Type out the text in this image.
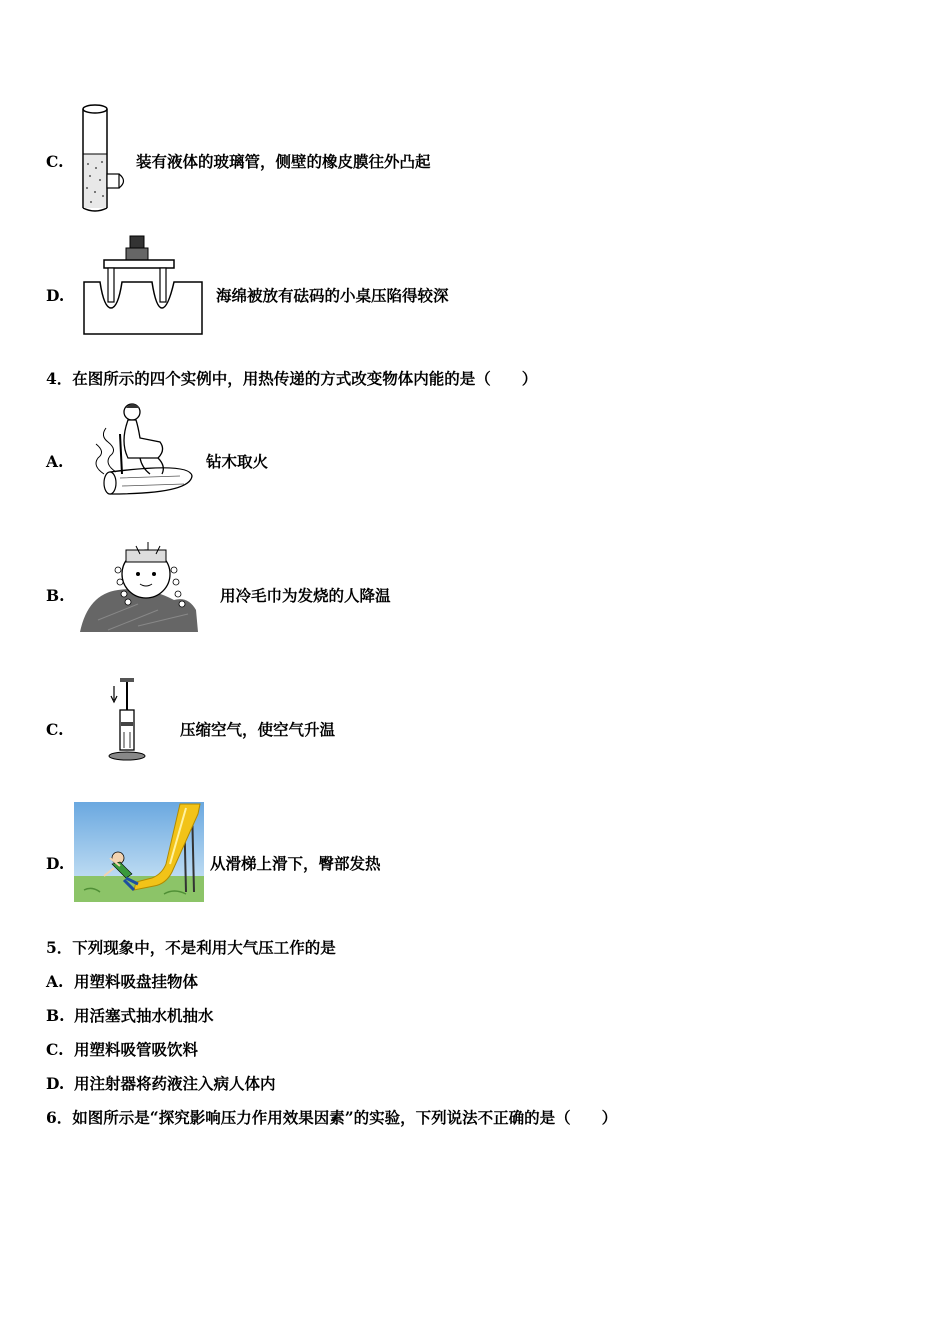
C.	装有液体的玻璃管，侧壁的橡皮膜往外凸起
D.	海绵被放有砝码的小桌压陷得较深
4．在图所示的四个实例中，用热传递的方式改变物体内能的是（　　）
A.	钻木取火
B.	用冷毛巾为发烧的人降温
C.	压缩空气，使空气升温
D.	从滑梯上滑下，臀部发热
5．下列现象中，不是利用大气压工作的是
A. 用塑料吸盘挂物体
B. 用活塞式抽水机抽水
C. 用塑料吸管吸饮料
D. 用注射器将药液注入病人体内
6．如图所示是“探究影响压力作用效果因素”的实验，下列说法不正确的是（　　）
